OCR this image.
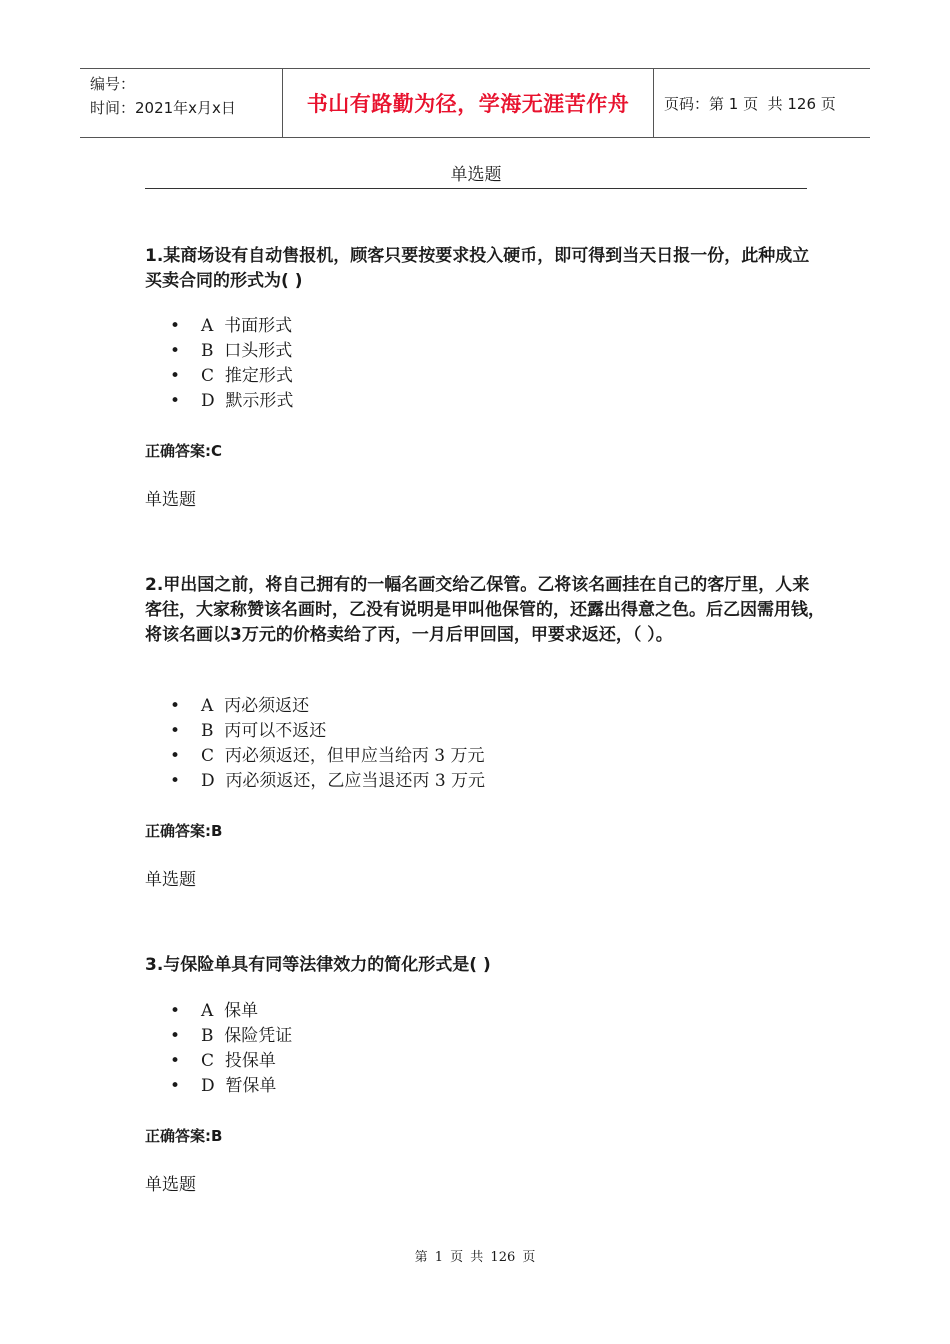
编号：
时间：2021年x月x日	书山有路勤为径，学海无涯苦作舟 页码：第 1 页  共 126 页
单选题
1.某商场设有自动售报机，顾客只要按要求投入硬币，即可得到当天日报一份，此种成立买卖合同的形式为( )
• A  书面形式
• B  口头形式
• C  推定形式
• D  默示形式
正确答案:C
单选题
2.甲出国之前，将自己拥有的一幅名画交给乙保管。乙将该名画挂在自己的客厅里，人来客往，大家称赞该名画时，乙没有说明是甲叫他保管的，还露出得意之色。后乙因需用钱，将该名画以3万元的价格卖给了丙，一月后甲回国，甲要求返还，（ ）。
• A  丙必须返还
• B  丙可以不返还
• C  丙必须返还，但甲应当给丙 3 万元
• D  丙必须返还，乙应当退还丙 3 万元
正确答案:B
单选题
3.与保险单具有同等法律效力的简化形式是( )
• A  保单
• B  保险凭证
• C  投保单
• D  暂保单
正确答案:B
单选题
第 1 页 共 126 页
